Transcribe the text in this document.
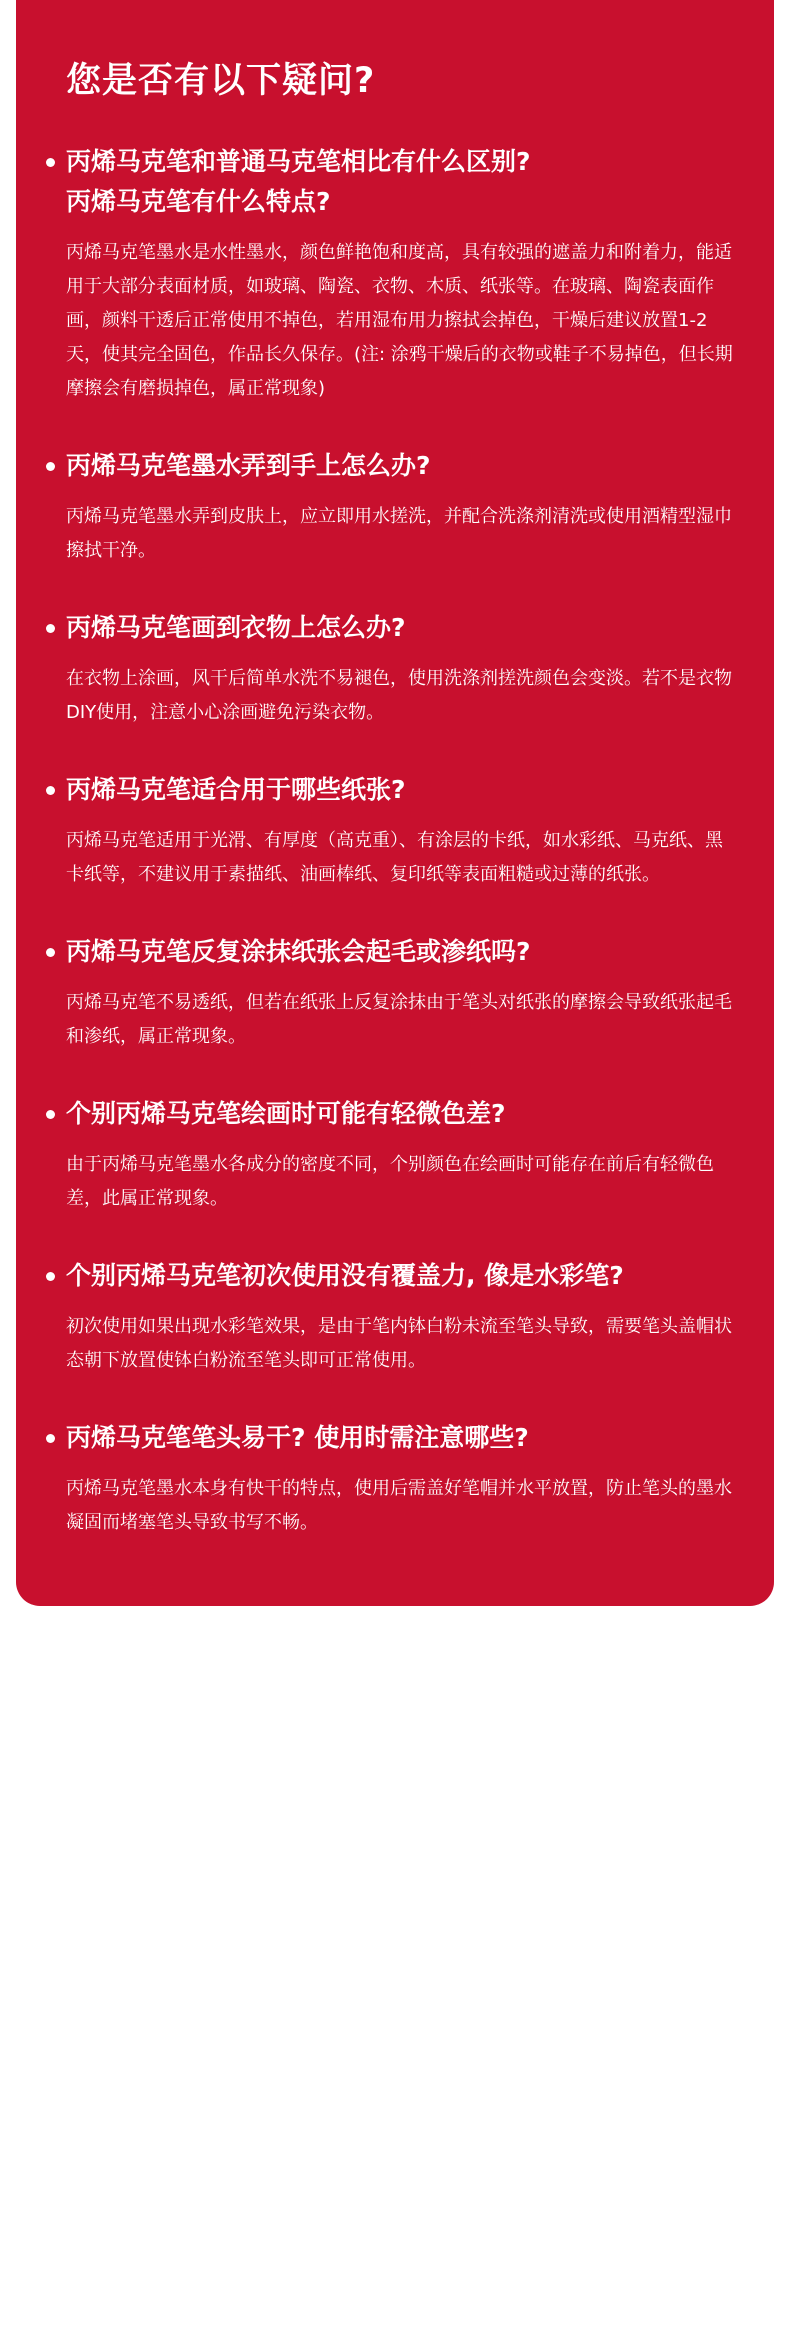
您是否有以下疑问?
丙烯马克笔和普通马克笔相比有什么区别?
丙烯马克笔有什么特点?

丙烯马克笔墨水是水性墨水，颜色鲜艳饱和度高，具有较强的遮盖力和附着力，能适用于大部分表面材质，如玻璃、陶瓷、衣物、木质、纸张等。在玻璃、陶瓷表面作画，颜料干透后正常使用不掉色，若用湿布用力擦拭会掉色，干燥后建议放置1-2天，使其完全固色，作品长久保存。(注: 涂鸦干燥后的衣物或鞋子不易掉色，但长期摩擦会有磨损掉色，属正常现象)

丙烯马克笔墨水弄到手上怎么办?

丙烯马克笔墨水弄到皮肤上，应立即用水搓洗，并配合洗涤剂清洗或使用酒精型湿巾擦拭干净。

丙烯马克笔画到衣物上怎么办?

在衣物上涂画，风干后简单水洗不易褪色，使用洗涤剂搓洗颜色会变淡。若不是衣物DIY使用，注意小心涂画避免污染衣物。

丙烯马克笔适合用于哪些纸张?

丙烯马克笔适用于光滑、有厚度（高克重）、有涂层的卡纸，如水彩纸、马克纸、黑卡纸等，不建议用于素描纸、油画棒纸、复印纸等表面粗糙或过薄的纸张。

丙烯马克笔反复涂抹纸张会起毛或渗纸吗?

丙烯马克笔不易透纸，但若在纸张上反复涂抹由于笔头对纸张的摩擦会导致纸张起毛和渗纸，属正常现象。

个别丙烯马克笔绘画时可能有轻微色差?

由于丙烯马克笔墨水各成分的密度不同，个别颜色在绘画时可能存在前后有轻微色差，此属正常现象。

个别丙烯马克笔初次使用没有覆盖力, 像是水彩笔?

初次使用如果出现水彩笔效果，是由于笔内钵白粉未流至笔头导致，需要笔头盖帽状态朝下放置使钵白粉流至笔头即可正常使用。

丙烯马克笔笔头易干? 使用时需注意哪些?

丙烯马克笔墨水本身有快干的特点，使用后需盖好笔帽并水平放置，防止笔头的墨水凝固而堵塞笔头导致书写不畅。
